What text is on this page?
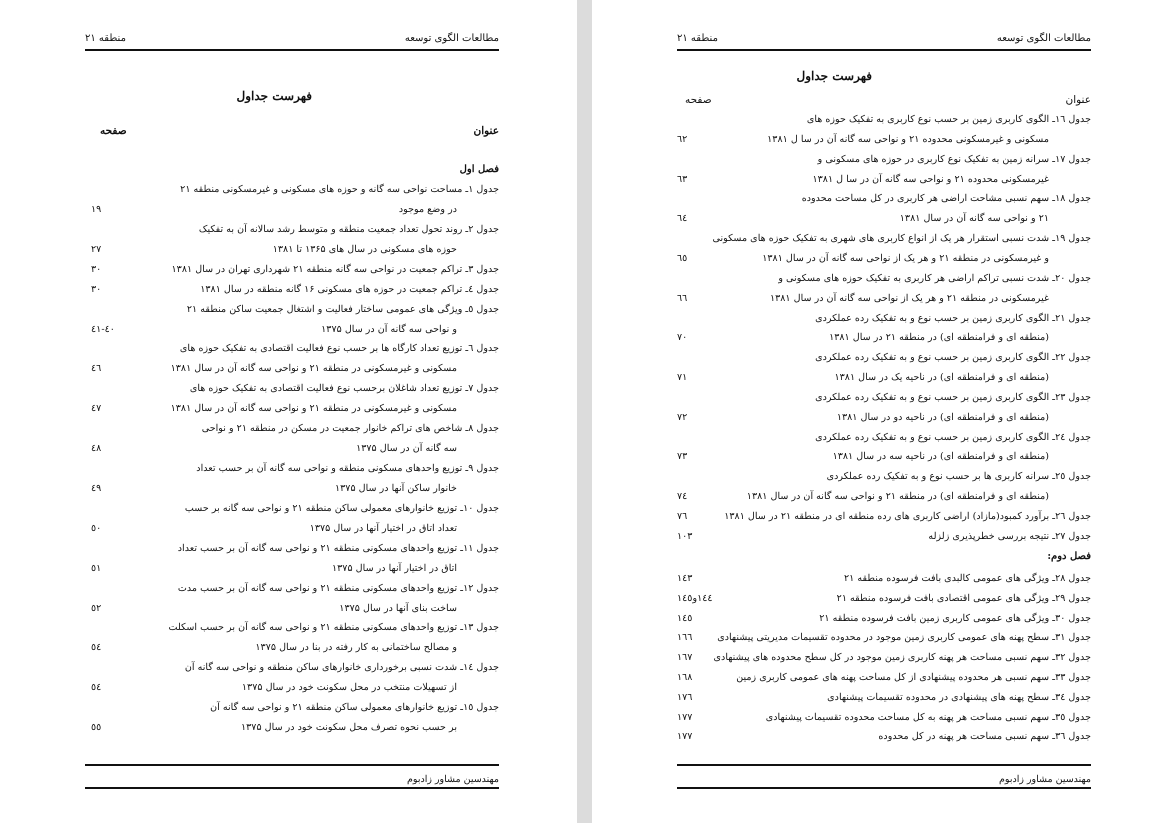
مطالعات الگوی توسعه
منطقه ۲۱
فهرست جداول
عنوان
صفحه
فصل اول
جدول ۱ـ مساحت نواحی سه گانه و حوزه های مسکونی و غیرمسکونی منطقه ۲۱
در وضع موجود
۱۹
جدول ۲ـ روند تحول تعداد جمعیت منطقه و متوسط رشد سالانه آن به تفکیک
حوزه های مسکونی در سال های ۱۳۶۵ تا ۱۳۸۱
۲۷
جدول ۳ـ تراکم جمعیت در نواحی سه گانه منطقه ۲۱ شهرداری تهران در سال ۱۳۸۱
۳۰
جدول ٤ـ تراکم جمعیت در حوزه های مسکونی ۱۶ گانه منطقه در سال ۱۳۸۱
۳۰
جدول ٥ـ ویژگی های عمومی ساختار فعالیت و اشتغال جمعیت ساکن منطقه ۲۱
و نواحی سه گانه آن در سال ۱۳۷۵
٤۰-٤۱
جدول ٦ـ توزیع تعداد کارگاه ها بر حسب نوع فعالیت اقتصادی به تفکیک حوزه های
مسکونی و غیرمسکونی در منطقه ۲۱ و نواحی سه گانه آن در سال ۱۳۸۱
٤٦
جدول ۷ـ توزیع تعداد شاغلان برحسب نوع فعالیت اقتصادی به تفکیک حوزه های
مسکونی و غیرمسکونی در منطقه ۲۱ و نواحی سه گانه آن در سال ۱۳۸۱
٤۷
جدول ۸ـ شاخص های تراکم خانوار جمعیت در مسکن در منطقه ۲۱ و نواحی
سه گانه آن در سال ۱۳۷۵
٤۸
جدول ۹ـ توزیع واحدهای مسکونی منطقه و نواحی سه گانه آن بر حسب تعداد
خانوار ساکن آنها در سال ۱۳۷۵
٤۹
جدول ۱۰ـ توزیع خانوارهای معمولی ساکن منطقه ۲۱ و نواحی سه گانه بر حسب
تعداد اتاق در اختیار آنها در سال ۱۳۷۵
٥۰
جدول ۱۱ـ توزیع واحدهای مسکونی منطقه ۲۱ و نواحی سه گانه آن بر حسب تعداد
اتاق در اختیار آنها در سال ۱۳۷۵
٥۱
جدول ۱۲ـ توزیع واحدهای مسکونی منطقه ۲۱ و نواحی سه گانه آن بر حسب مدت
ساخت بنای آنها در سال ۱۳۷۵
٥۲
جدول ۱۳ـ توزیع واحدهای مسکونی منطقه ۲۱ و نواحی سه گانه آن بر حسب اسکلت
و مصالح ساختمانی به کار رفته در بنا در سال ۱۳۷۵
٥٤
جدول ۱٤ـ شدت نسبی برخورداری خانوارهای ساکن منطقه و نواحی سه گانه آن
از تسهیلات منتخب در محل سکونت خود در سال ۱۳۷۵
٥٤
جدول ۱٥ـ توزیع خانوارهای معمولی ساکن منطقه ۲۱ و نواحی سه گانه آن
بر حسب نحوه تصرف محل سکونت خود در سال ۱۳۷۵
٥٥
مهندسین مشاور زادبوم
مطالعات الگوی توسعه
منطقه ۲۱
فهرست جداول
عنوان
صفحه
جدول ۱٦ـ الگوی کاربری زمین بر حسب نوع کاربری به تفکیک حوزه های
مسکونی و غیرمسکونی محدوده ۲۱ و نواحی سه گانه آن در سا ل ۱۳۸۱
٦۲
جدول ۱۷ـ سرانه زمین به تفکیک نوع کاربری در حوزه های مسکونی و
غیرمسکونی محدوده ۲۱ و نواحی سه گانه آن در سا ل ۱۳۸۱
٦۳
جدول ۱۸ـ سهم نسبی مشاحت اراضی هر کاربری در کل مساحت محدوده
۲۱ و نواحی سه گانه آن در سال ۱۳۸۱
٦٤
جدول ۱۹ـ شدت نسبی استقرار هر یک از انواع کاربری های شهری به تفکیک حوزه های مسکونی
و غیرمسکونی در منطقه ۲۱ و هر یک از نواحی سه گانه آن در سال ۱۳۸۱
٦٥
جدول ۲۰ـ شدت نسبی تراکم اراضی هر کاربری به تفکیک حوزه های مسکونی و
غیرمسکونی در منطقه ۲۱ و هر یک از نواحی سه گانه آن در سال ۱۳۸۱
٦٦
جدول ۲۱ـ الگوی کاربری زمین بر حسب نوع و به تفکیک رده عملکردی
(منطقه ای و فرامنطقه ای) در منطقه ۲۱ در سال ۱۳۸۱
۷۰
جدول ۲۲ـ الگوی کاربری زمین بر حسب نوع و به تفکیک رده عملکردی
(منطقه ای و فرامنطقه ای) در ناحیه یک در سال ۱۳۸۱
۷۱
جدول ۲۳ـ الگوی کاربری زمین بر حسب نوع و به تفکیک رده عملکردی
(منطقه ای و فرامنطقه ای) در ناحیه دو در سال ۱۳۸۱
۷۲
جدول ۲٤ـ الگوی کاربری زمین بر حسب نوع و به تفکیک رده عملکردی
(منطقه ای و فرامنطقه ای) در ناحیه سه در سال ۱۳۸۱
۷۳
جدول ۲٥ـ سرانه کاربری ها بر حسب نوع و به تفکیک رده عملکردی
(منطقه ای و فرامنطقه ای) در منطقه ۲۱ و نواحی سه گانه آن در سال ۱۳۸۱
۷٤
جدول ۲٦ـ برآورد کمبود(مازاد) اراضی کاربری های رده منطقه ای در منطقه ۲۱ در سال ۱۳۸۱
۷٦
جدول ۲۷ـ نتیجه بررسی خطرپذیری زلزله
۱۰۳
فصل دوم:
جدول ۲۸ـ ویژگی های عمومی کالبدی بافت فرسوده منطقه ۲۱
۱٤۳
جدول ۲۹ـ ویژگی های عمومی اقتصادی بافت فرسوده منطقه ۲۱
۱٤٤و۱٤٥
جدول ۳۰ـ ویژگی های عمومی کاربری زمین بافت فرسوده منطقه ۲۱
۱٤٥
جدول ۳۱ـ سطح پهنه های عمومی کاربری زمین موجود در محدوده تقسیمات مدیریتی پیشنهادی
۱٦٦
جدول ۳۲ـ سهم نسبی مساحت هر پهنه کاربری زمین موجود در کل سطح محدوده های پیشنهادی
۱٦۷
جدول ۳۳ـ سهم نسبی هر محدوده پیشنهادی از کل مساحت پهنه های عمومی کاربری زمین
۱٦۸
جدول ۳٤ـ سطح پهنه های پیشنهادی در محدوده تقسیمات پیشنهادی
۱۷٦
جدول ۳٥ـ سهم نسبی مساحت هر پهنه به کل مساحت محدوده تقسیمات پیشنهادی
۱۷۷
جدول ۳٦ـ سهم نسبی مساحت هر پهنه در کل محدوده
۱۷۷
مهندسین مشاور زادبوم
